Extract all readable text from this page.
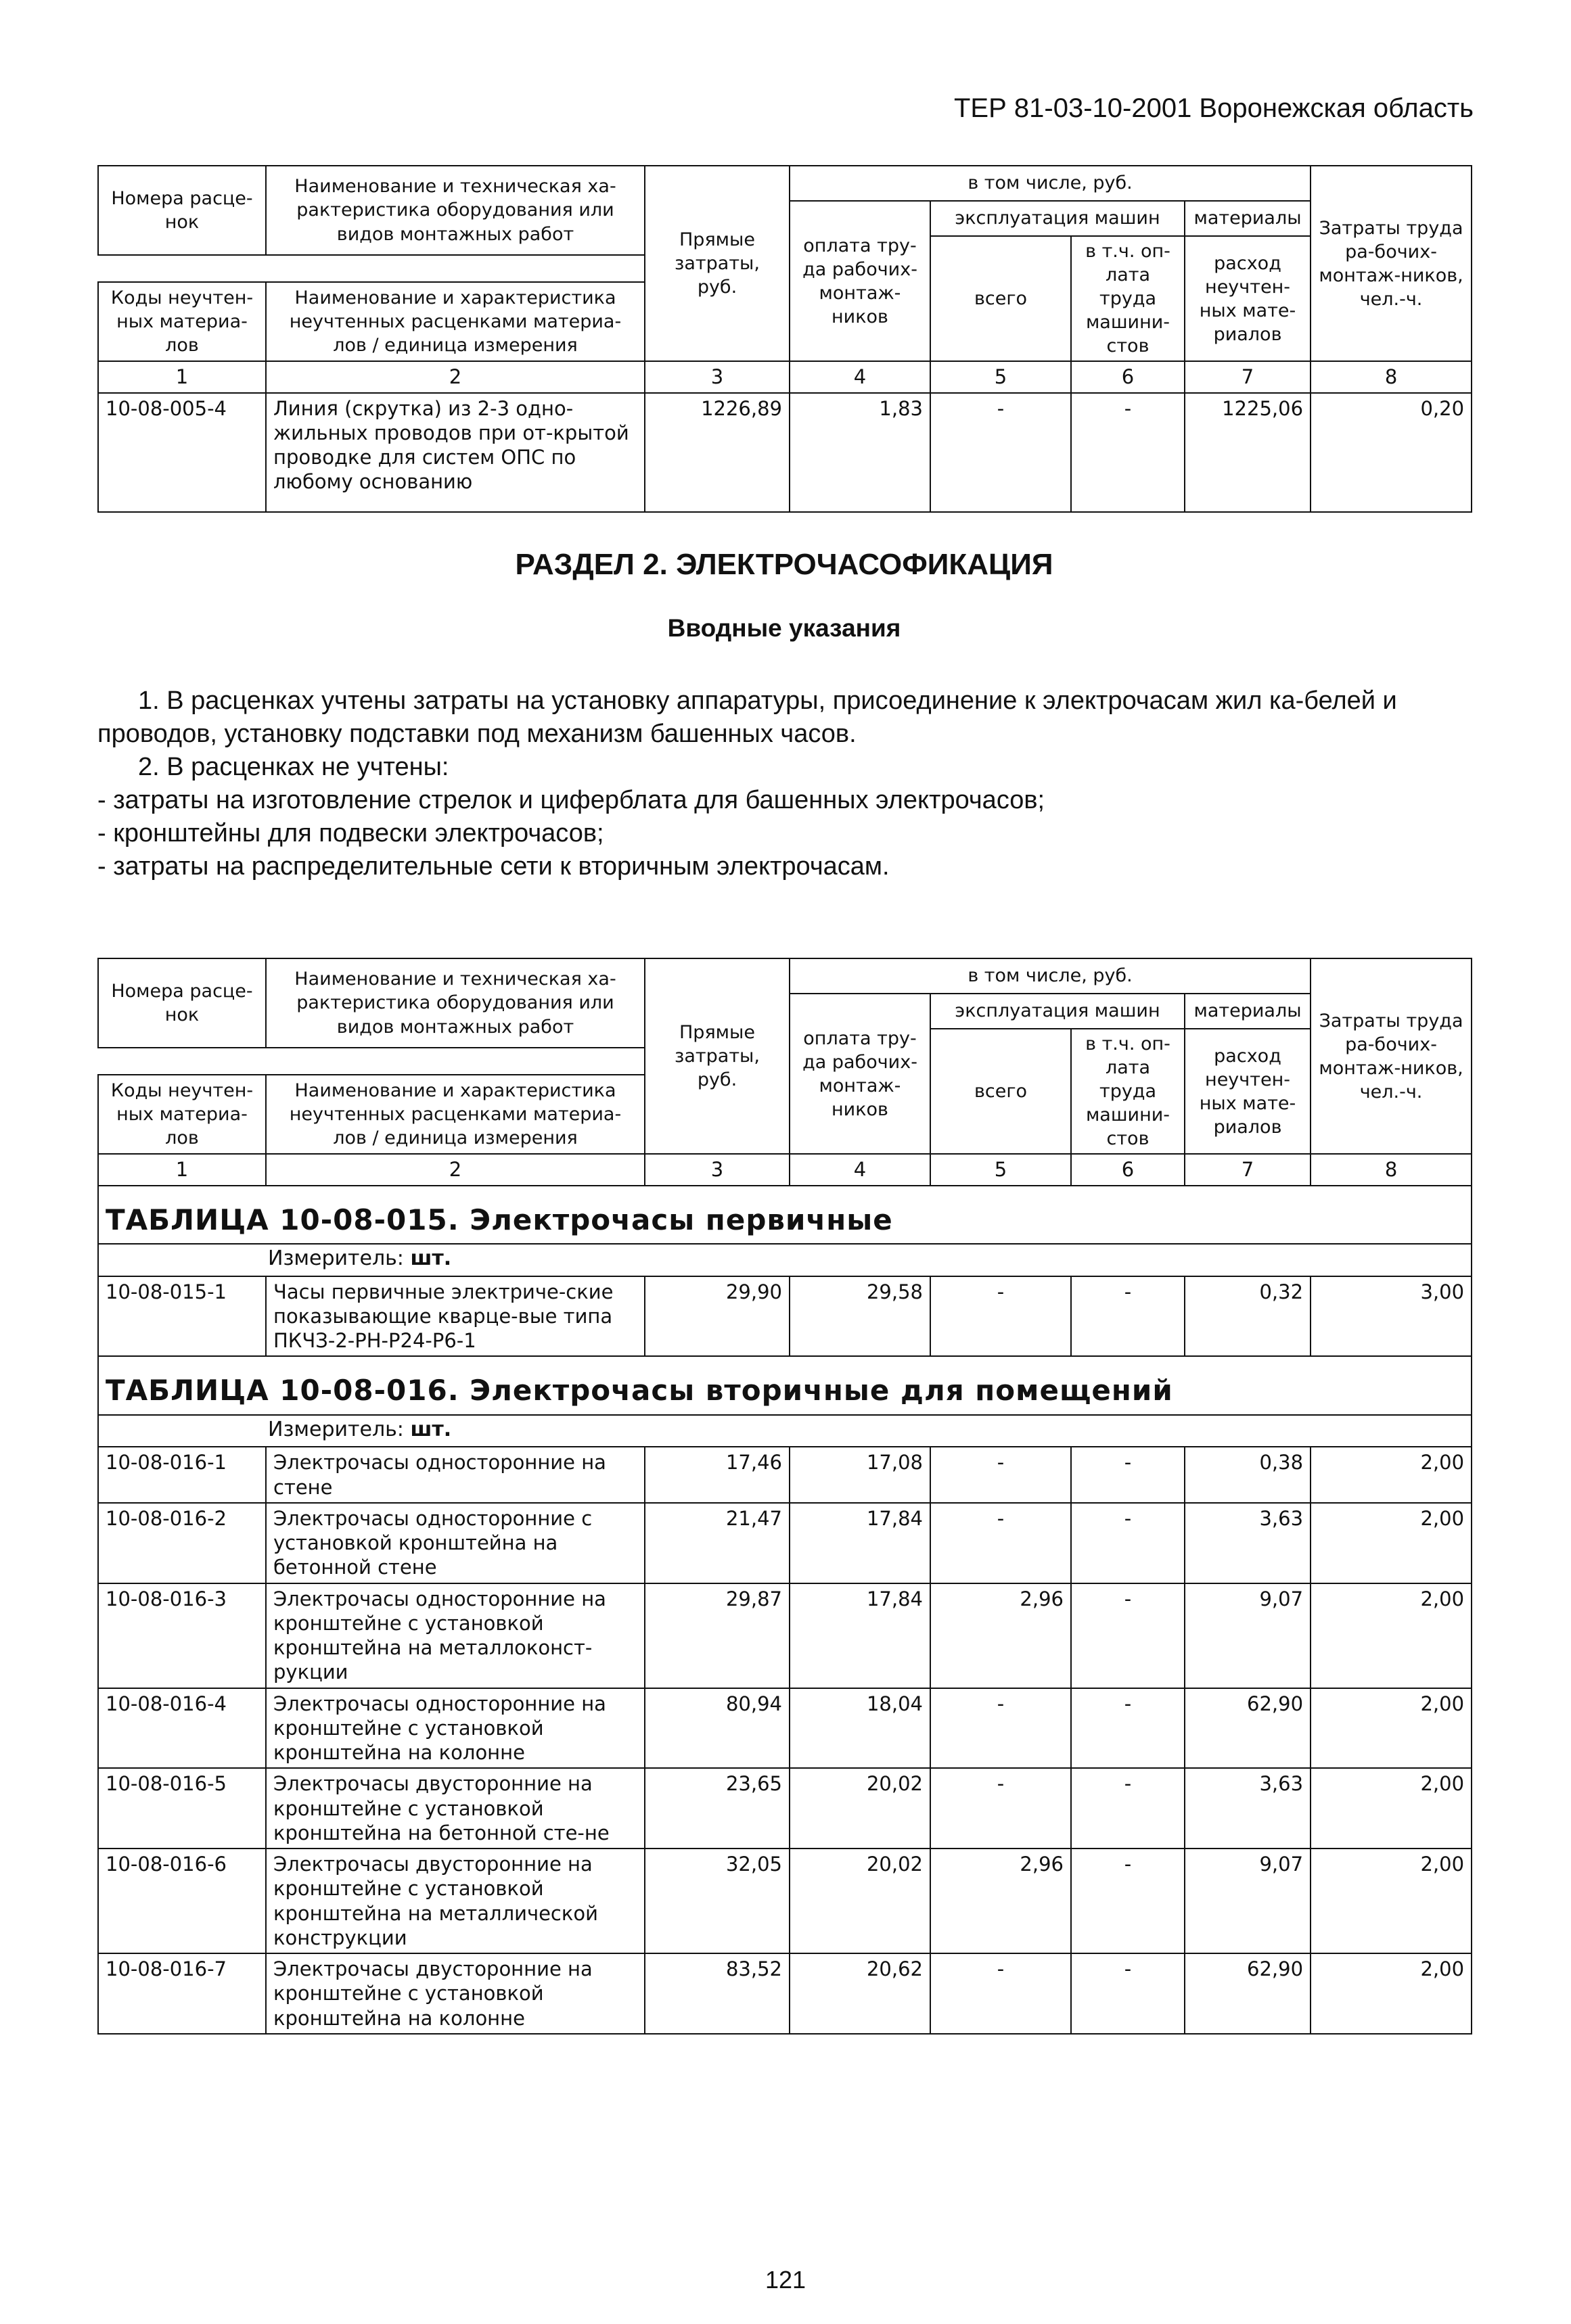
ТЕР 81-03-10-2001 Воронежская область
Номера расце-нок	Наименование и техническая ха-рактеристика оборудования или видов монтажных работ	Прямые затраты, руб.	в том числе, руб.				Затраты труда ра-бочих-монтаж-ников, чел.-ч.
			оплата тру-да рабочих-монтаж-ников	эксплуатация машин		материалы	
				всего	в т.ч. оп-лата труда машини-стов	расход неучтен-ных мате-риалов	

Коды неучтен-ных материа-лов	Наименование и характеристика неучтенных расценками материа-лов / единица измерения						

1	2	3	4	5	6	7	8
10-08-005-4	Линия (скрутка) из 2-3 одно-жильных проводов при от-крытой проводке для систем ОПС по любому основанию	1226,89	1,83	-	-	1225,06	0,20
РАЗДЕЛ 2. ЭЛЕКТРОЧАСОФИКАЦИЯ
Вводные указания

1. В расценках учтены затраты на установку аппаратуры, присоединение к электрочасам жил ка-белей и проводов, установку подставки под механизм башенных часов.

2. В расценках не учтены:

- затраты на изготовление стрелок и циферблата для башенных электрочасов;

- кронштейны для подвески электрочасов;

- затраты на распределительные сети к вторичным электрочасам.

Номера расце-нок	Наименование и техническая ха-рактеристика оборудования или видов монтажных работ	Прямые затраты, руб.	в том числе, руб.				Затраты труда ра-бочих-монтаж-ников, чел.-ч.
			оплата тру-да рабочих-монтаж-ников	эксплуатация машин		материалы	
				всего	в т.ч. оп-лата труда машини-стов	расход неучтен-ных мате-риалов	

Коды неучтен-ных материа-лов	Наименование и характеристика неучтенных расценками материа-лов / единица измерения						

1	2	3	4	5	6	7	8
ТАБЛИЦА 10-08-015. Электрочасы первичные							
Измеритель: шт.							
10-08-015-1	Часы первичные электриче-ские показывающие кварце-вые типа ПКЧЗ-2-РН-Р24-Р6-1	29,90	29,58	-	-	0,32	3,00
ТАБЛИЦА 10-08-016. Электрочасы вторичные для помещений							
Измеритель: шт.							
10-08-016-1	Электрочасы односторонние на стене	17,46	17,08	-	-	0,38	2,00
10-08-016-2	Электрочасы односторонние с установкой кронштейна на бетонной стене	21,47	17,84	-	-	3,63	2,00
10-08-016-3	Электрочасы односторонние на кронштейне с установкой кронштейна на металлоконст-рукции	29,87	17,84	2,96	-	9,07	2,00
10-08-016-4	Электрочасы односторонние на кронштейне с установкой кронштейна на колонне	80,94	18,04	-	-	62,90	2,00
10-08-016-5	Электрочасы двусторонние на кронштейне с установкой кронштейна на бетонной сте-не	23,65	20,02	-	-	3,63	2,00
10-08-016-6	Электрочасы двусторонние на кронштейне с установкой кронштейна на металлической конструкции	32,05	20,02	2,96	-	9,07	2,00
10-08-016-7	Электрочасы двусторонние на кронштейне с установкой кронштейна на колонне	83,52	20,62	-	-	62,90	2,00
121
